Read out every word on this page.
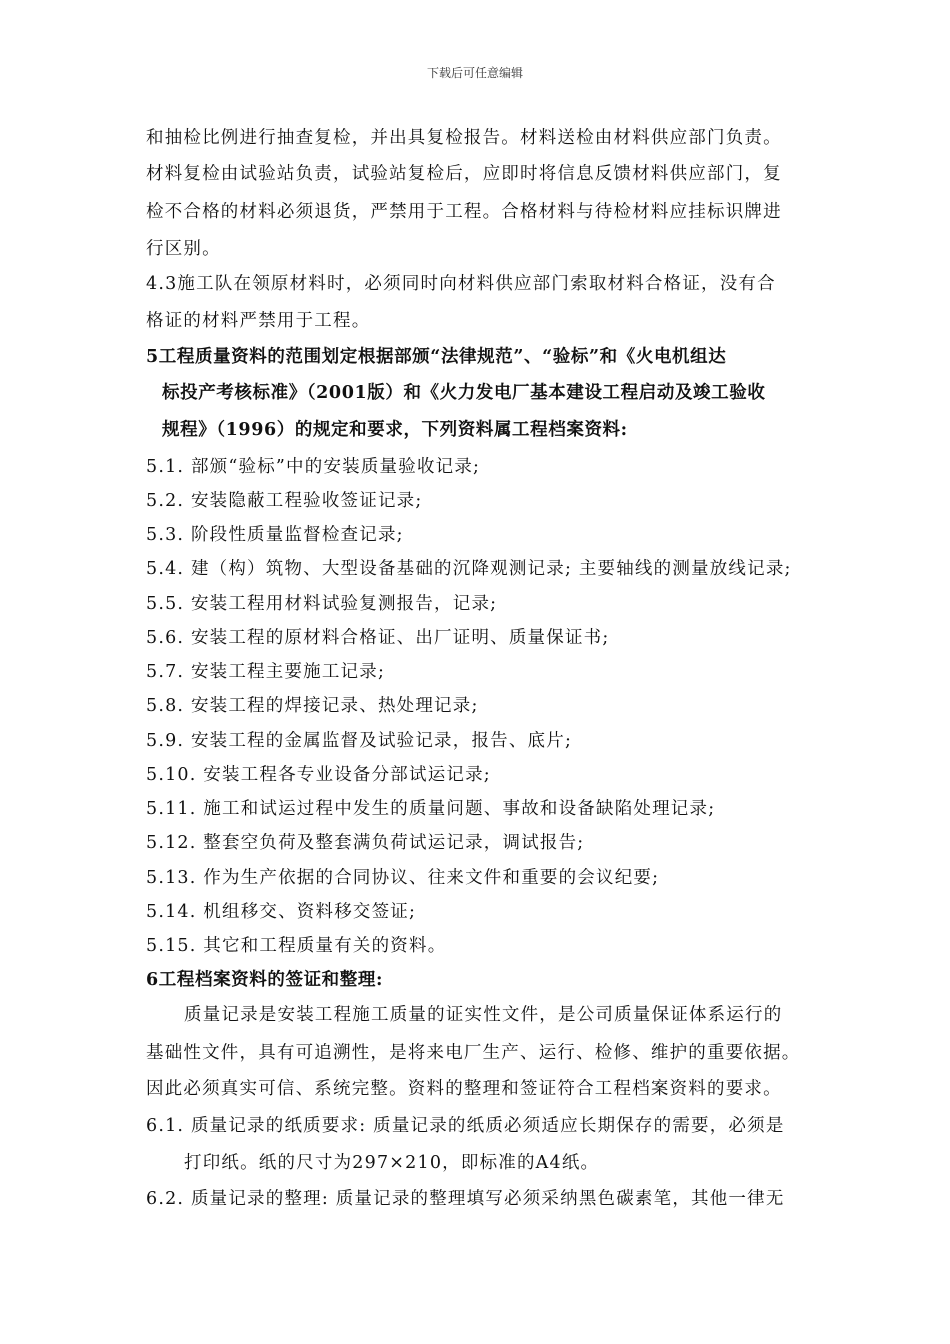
下载后可任意编辑
和抽检比例进行抽查复检，并出具复检报告。材料送检由材料供应部门负责。
材料复检由试验站负责，试验站复检后，应即时将信息反馈材料供应部门，复
检不合格的材料必须退货，严禁用于工程。合格材料与待检材料应挂标识牌进
行区别。
4.3施工队在领原材料时，必须同时向材料供应部门索取材料合格证，没有合
格证的材料严禁用于工程。
5工程质量资料的范围划定根据部颁“法律规范”、“验标”和《火电机组达
标投产考核标准》（2001版）和《火力发电厂基本建设工程启动及竣工验收
规程》（1996）的规定和要求，下列资料属工程档案资料:
5.1. 部颁“验标”中的安装质量验收记录;
5.2. 安装隐蔽工程验收签证记录;
5.3. 阶段性质量监督检查记录;
5.4. 建（构）筑物、大型设备基础的沉降观测记录; 主要轴线的测量放线记录;
5.5. 安装工程用材料试验复测报告，记录;
5.6. 安装工程的原材料合格证、出厂证明、质量保证书;
5.7. 安装工程主要施工记录;
5.8. 安装工程的焊接记录、热处理记录;
5.9. 安装工程的金属监督及试验记录，报告、底片;
5.10. 安装工程各专业设备分部试运记录;
5.11. 施工和试运过程中发生的质量问题、事故和设备缺陷处理记录;
5.12. 整套空负荷及整套满负荷试运记录，调试报告;
5.13. 作为生产依据的合同协议、往来文件和重要的会议纪要;
5.14. 机组移交、资料移交签证;
5.15. 其它和工程质量有关的资料。
6工程档案资料的签证和整理:
质量记录是安装工程施工质量的证实性文件，是公司质量保证体系运行的
基础性文件，具有可追溯性，是将来电厂生产、运行、检修、维护的重要依据。
因此必须真实可信、系统完整。资料的整理和签证符合工程档案资料的要求。
6.1. 质量记录的纸质要求: 质量记录的纸质必须适应长期保存的需要，必须是
打印纸。纸的尺寸为297×210，即标准的A4纸。
6.2. 质量记录的整理: 质量记录的整理填写必须采纳黑色碳素笔，其他一律无
